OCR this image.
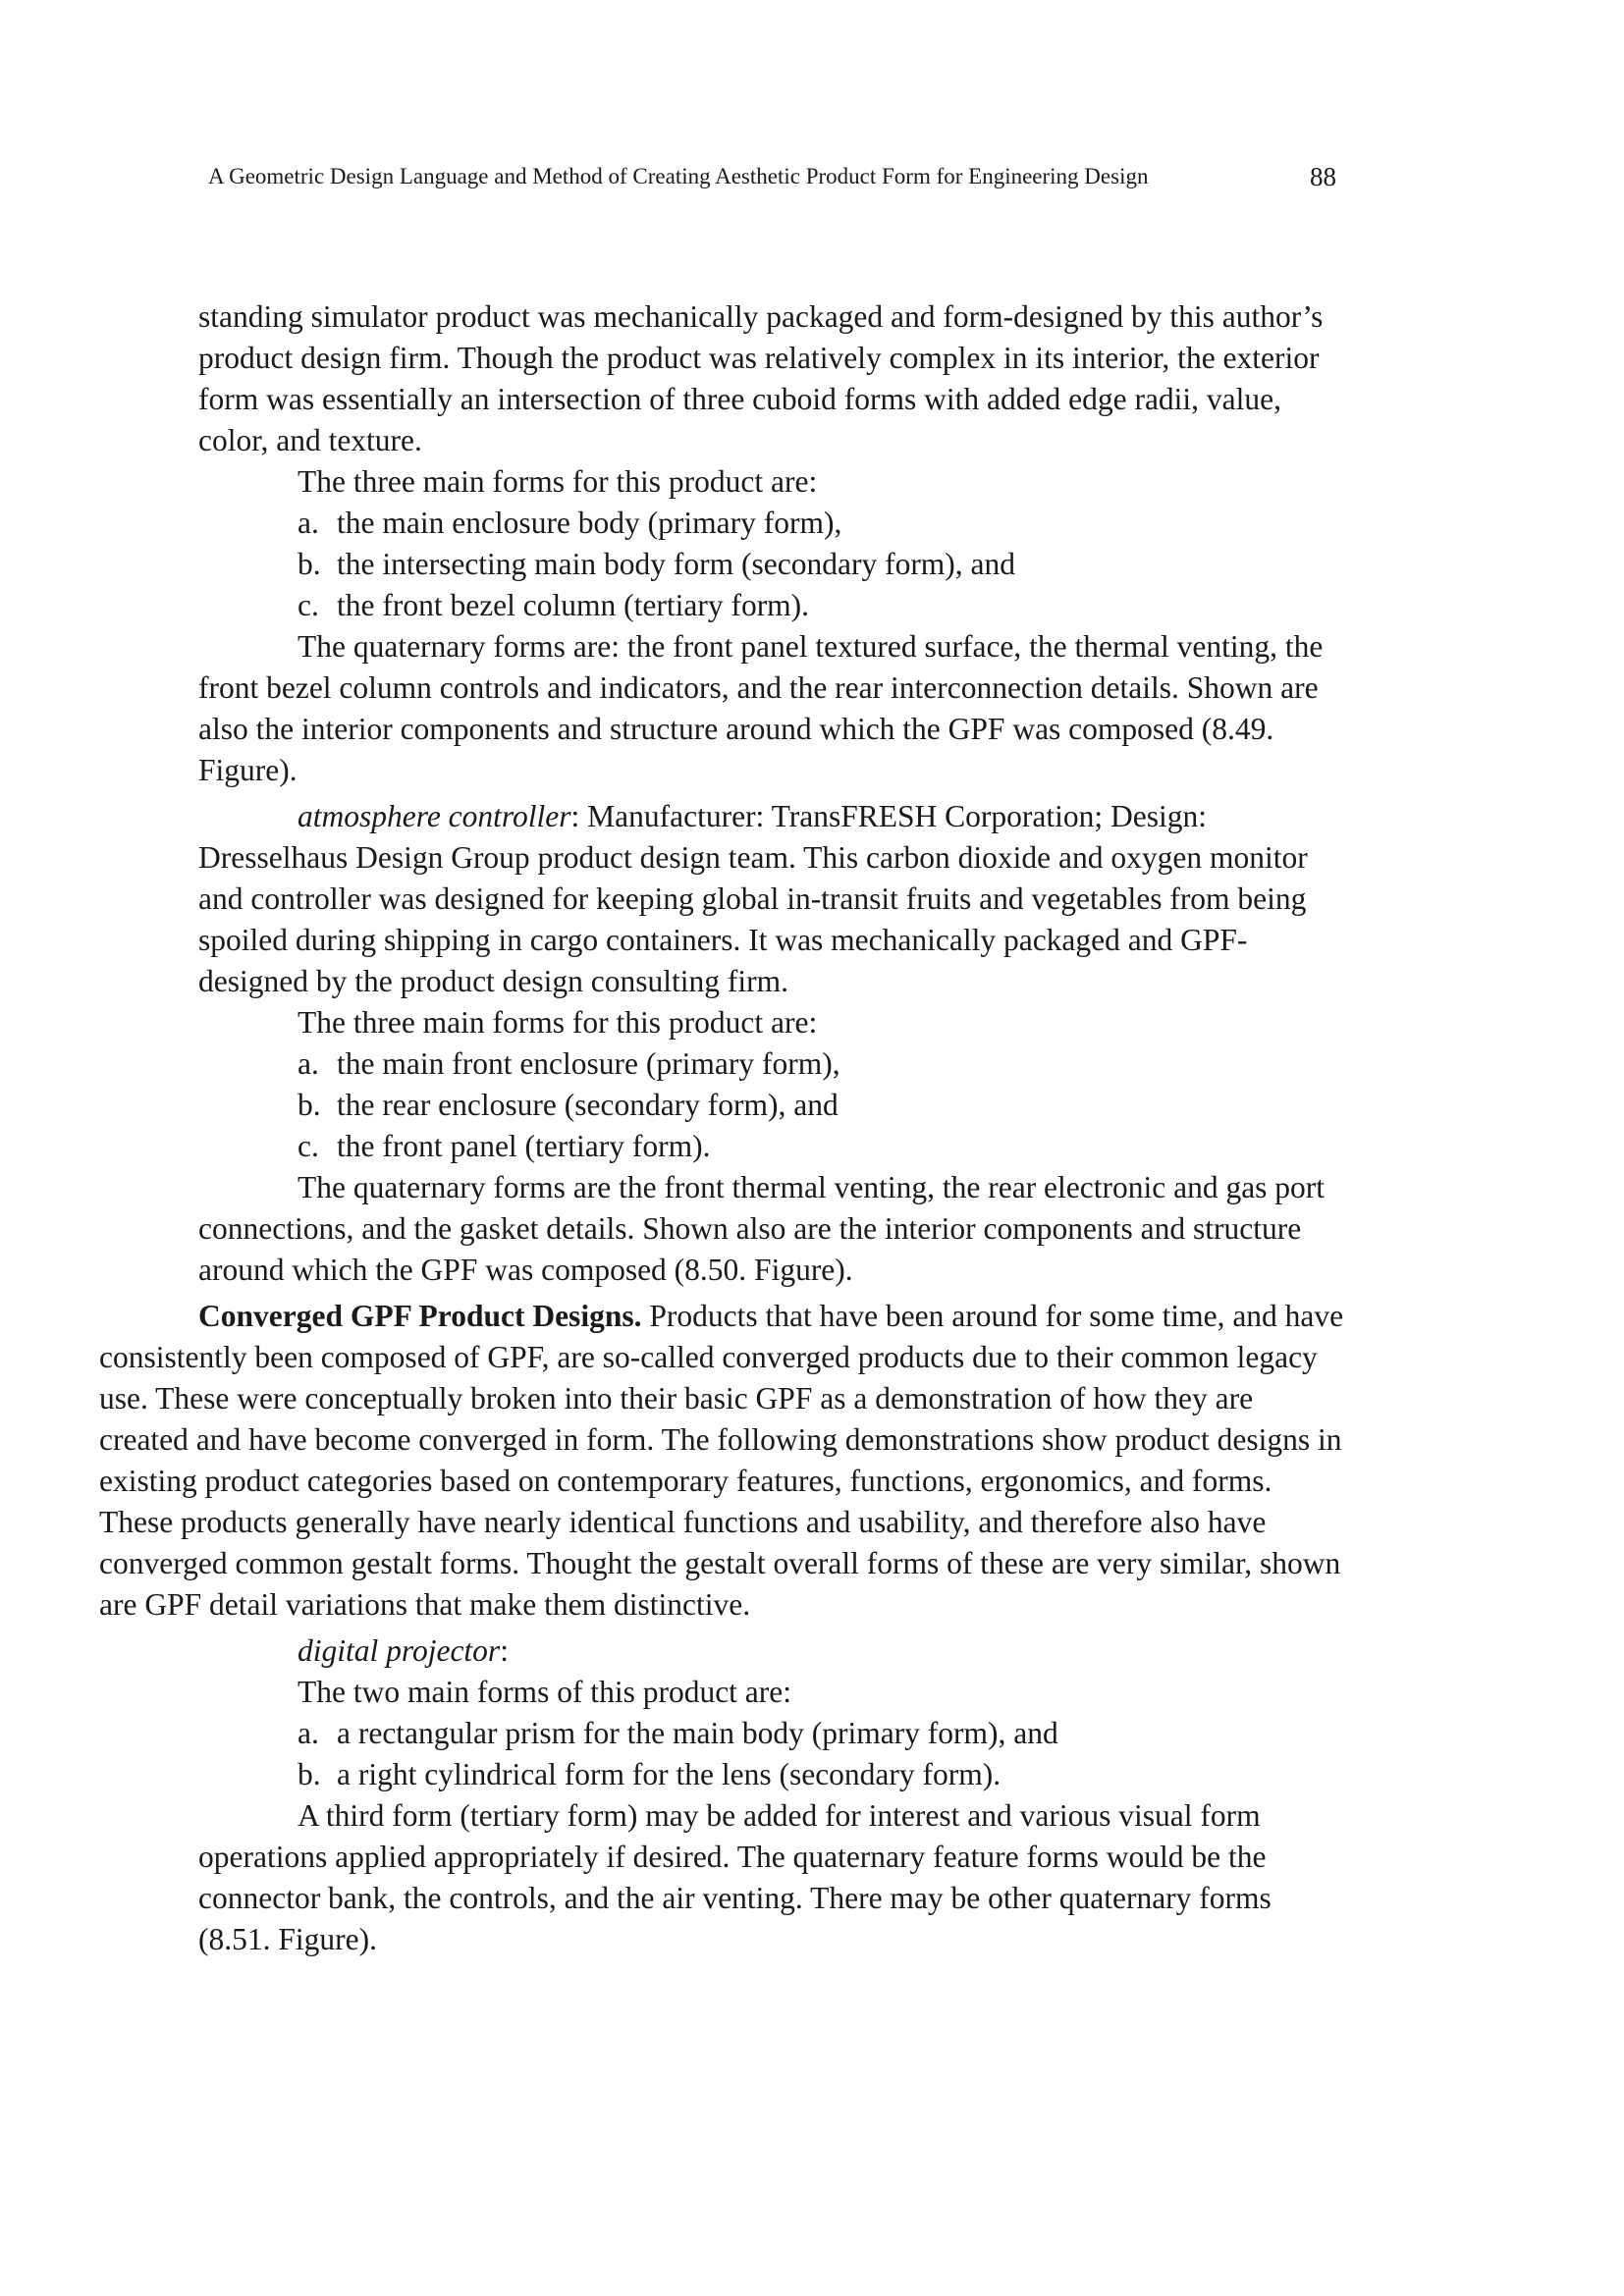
A Geometric Design Language and Method of Creating Aesthetic Product Form for Engineering Design	88

standing simulator product was mechanically packaged and form-designed by this author’s product design firm. Though the product was relatively complex in its interior, the exterior form was essentially an intersection of three cuboid forms with added edge radii, value, color, and texture.

The three main forms for this product are:

a. the main enclosure body (primary form),

b. the intersecting main body form (secondary form), and

c. the front bezel column (tertiary form).

The quaternary forms are: the front panel textured surface, the thermal venting, the front bezel column controls and indicators, and the rear interconnection details. Shown are also the interior components and structure around which the GPF was composed (8.49. Figure).

atmosphere controller: Manufacturer: TransFRESH Corporation; Design: Dresselhaus Design Group product design team. This carbon dioxide and oxygen monitor and controller was designed for keeping global in-transit fruits and vegetables from being spoiled during shipping in cargo containers. It was mechanically packaged and GPF-designed by the product design consulting firm.

The three main forms for this product are:

a. the main front enclosure (primary form),

b. the rear enclosure (secondary form), and

c. the front panel (tertiary form).

The quaternary forms are the front thermal venting, the rear electronic and gas port connections, and the gasket details. Shown also are the interior components and structure around which the GPF was composed (8.50. Figure).

Converged GPF Product Designs. Products that have been around for some time, and have consistently been composed of GPF, are so-called converged products due to their common legacy use. These were conceptually broken into their basic GPF as a demonstration of how they are created and have become converged in form. The following demonstrations show product designs in existing product categories based on contemporary features, functions, ergonomics, and forms. These products generally have nearly identical functions and usability, and therefore also have converged common gestalt forms. Thought the gestalt overall forms of these are very similar, shown are GPF detail variations that make them distinctive.

digital projector:

The two main forms of this product are:

a. a rectangular prism for the main body (primary form), and

b. a right cylindrical form for the lens (secondary form).

A third form (tertiary form) may be added for interest and various visual form operations applied appropriately if desired. The quaternary feature forms would be the connector bank, the controls, and the air venting. There may be other quaternary forms (8.51. Figure).
